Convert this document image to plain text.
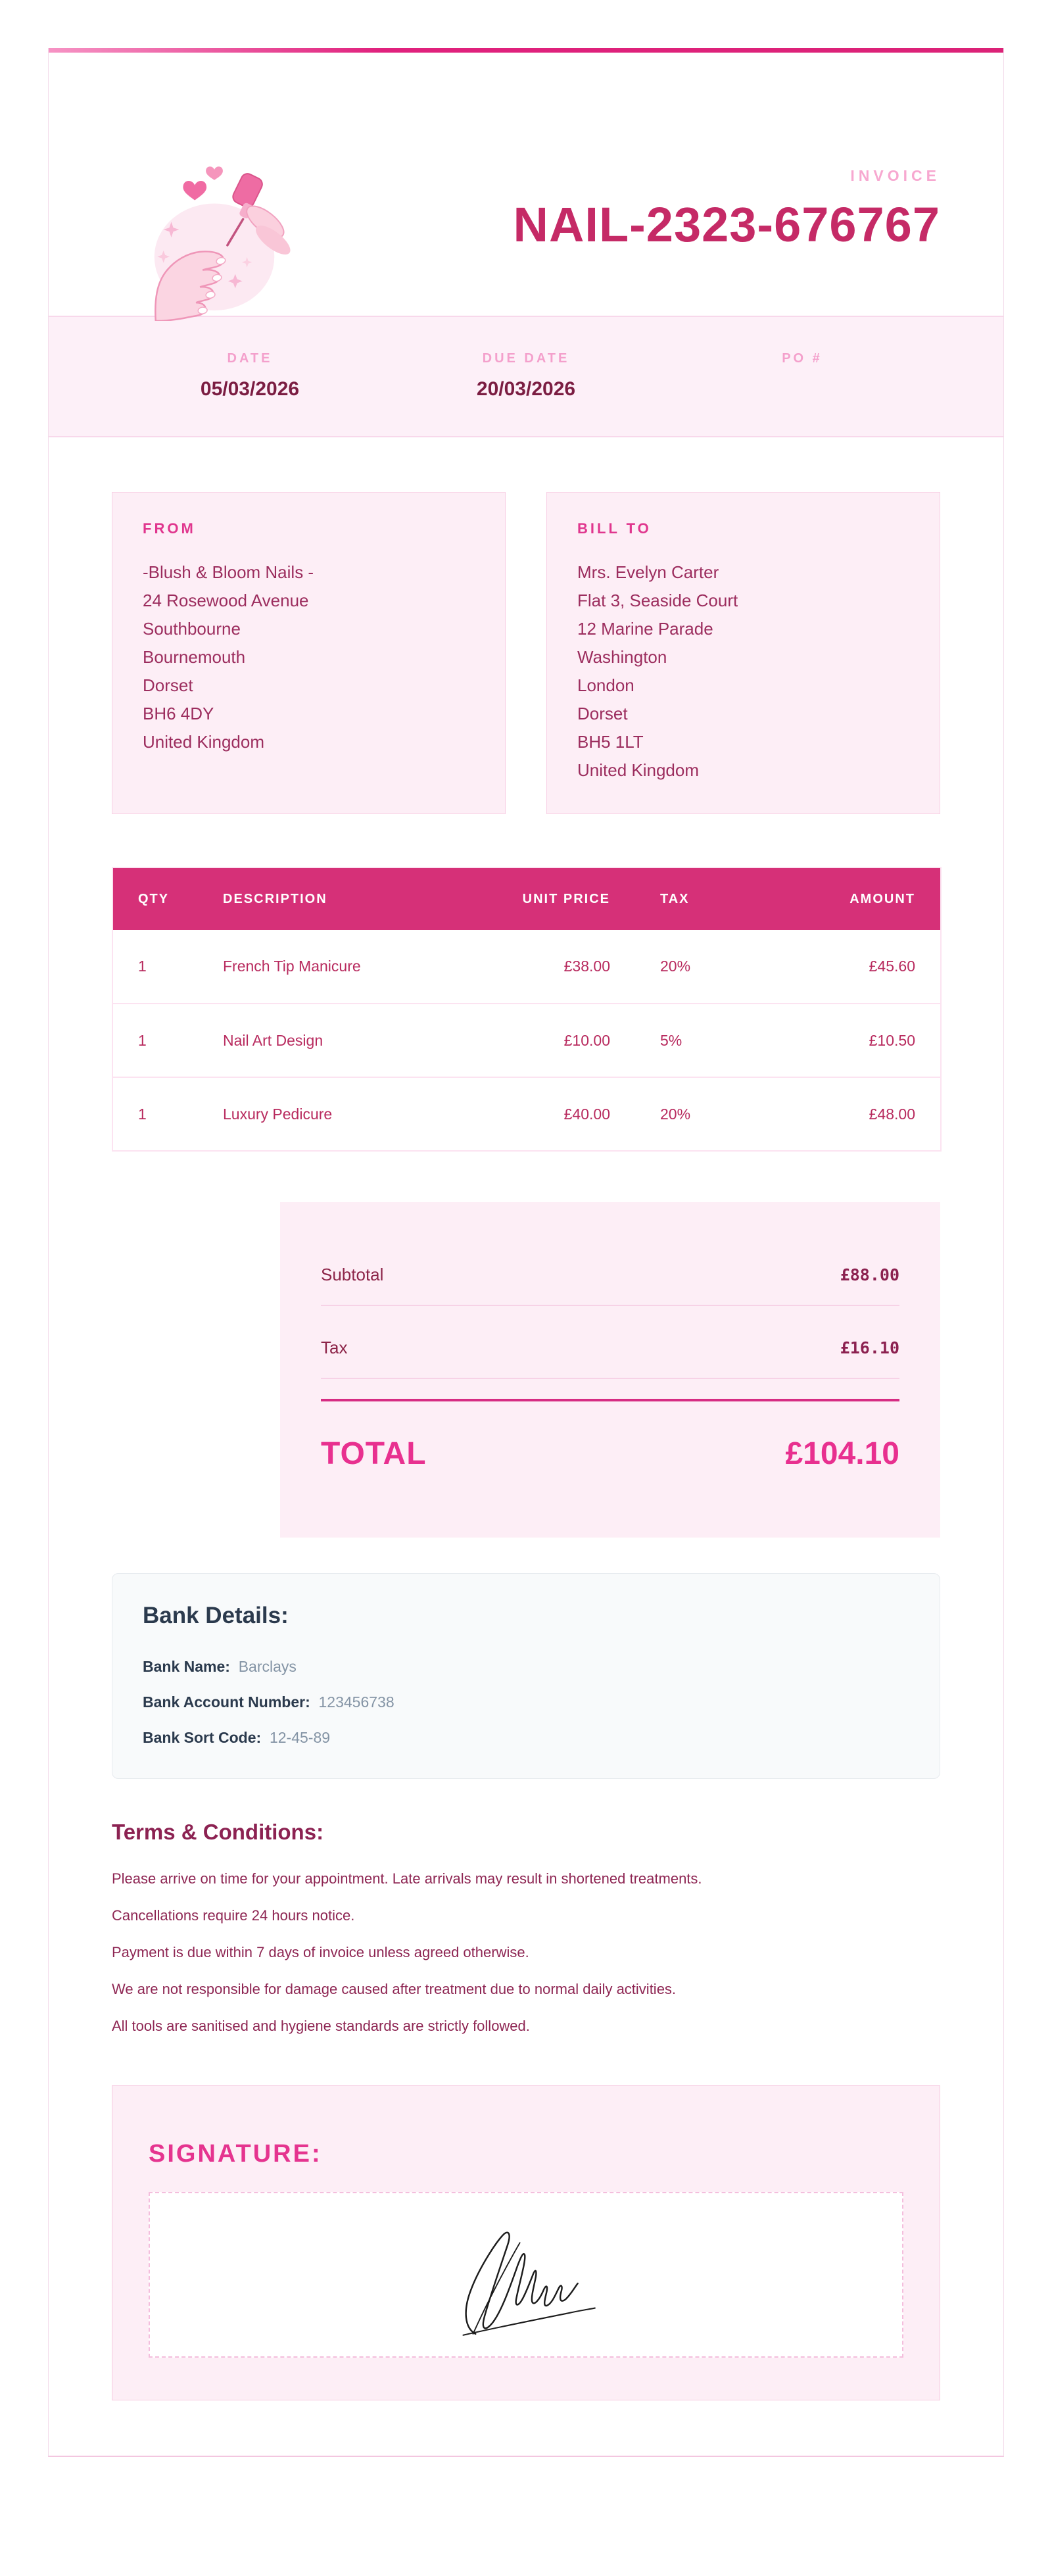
INVOICE
NAIL-2323-676767
DATE
05/03/2026
DUE DATE
20/03/2026
PO #
FROM
-Blush & Bloom Nails -
24 Rosewood Avenue
Southbourne
Bournemouth
Dorset
BH6 4DY
United Kingdom
BILL TO
Mrs. Evelyn Carter
Flat 3, Seaside Court
12 Marine Parade
Washington
London
Dorset
BH5 1LT
United Kingdom
QTY	DESCRIPTION	UNIT PRICE	TAX	AMOUNT
1	French Tip Manicure	£38.00	20%	£45.60
1	Nail Art Design	£10.00	5%	£10.50
1	Luxury Pedicure	£40.00	20%	£48.00
Subtotal	£88.00
Tax	£16.10
TOTAL	£104.10
Bank Details:
Bank Name: Barclays
Bank Account Number: 123456738
Bank Sort Code: 12-45-89
Terms & Conditions:
Please arrive on time for your appointment. Late arrivals may result in shortened treatments.
Cancellations require 24 hours notice.
Payment is due within 7 days of invoice unless agreed otherwise.
We are not responsible for damage caused after treatment due to normal daily activities.
All tools are sanitised and hygiene standards are strictly followed.
SIGNATURE:
